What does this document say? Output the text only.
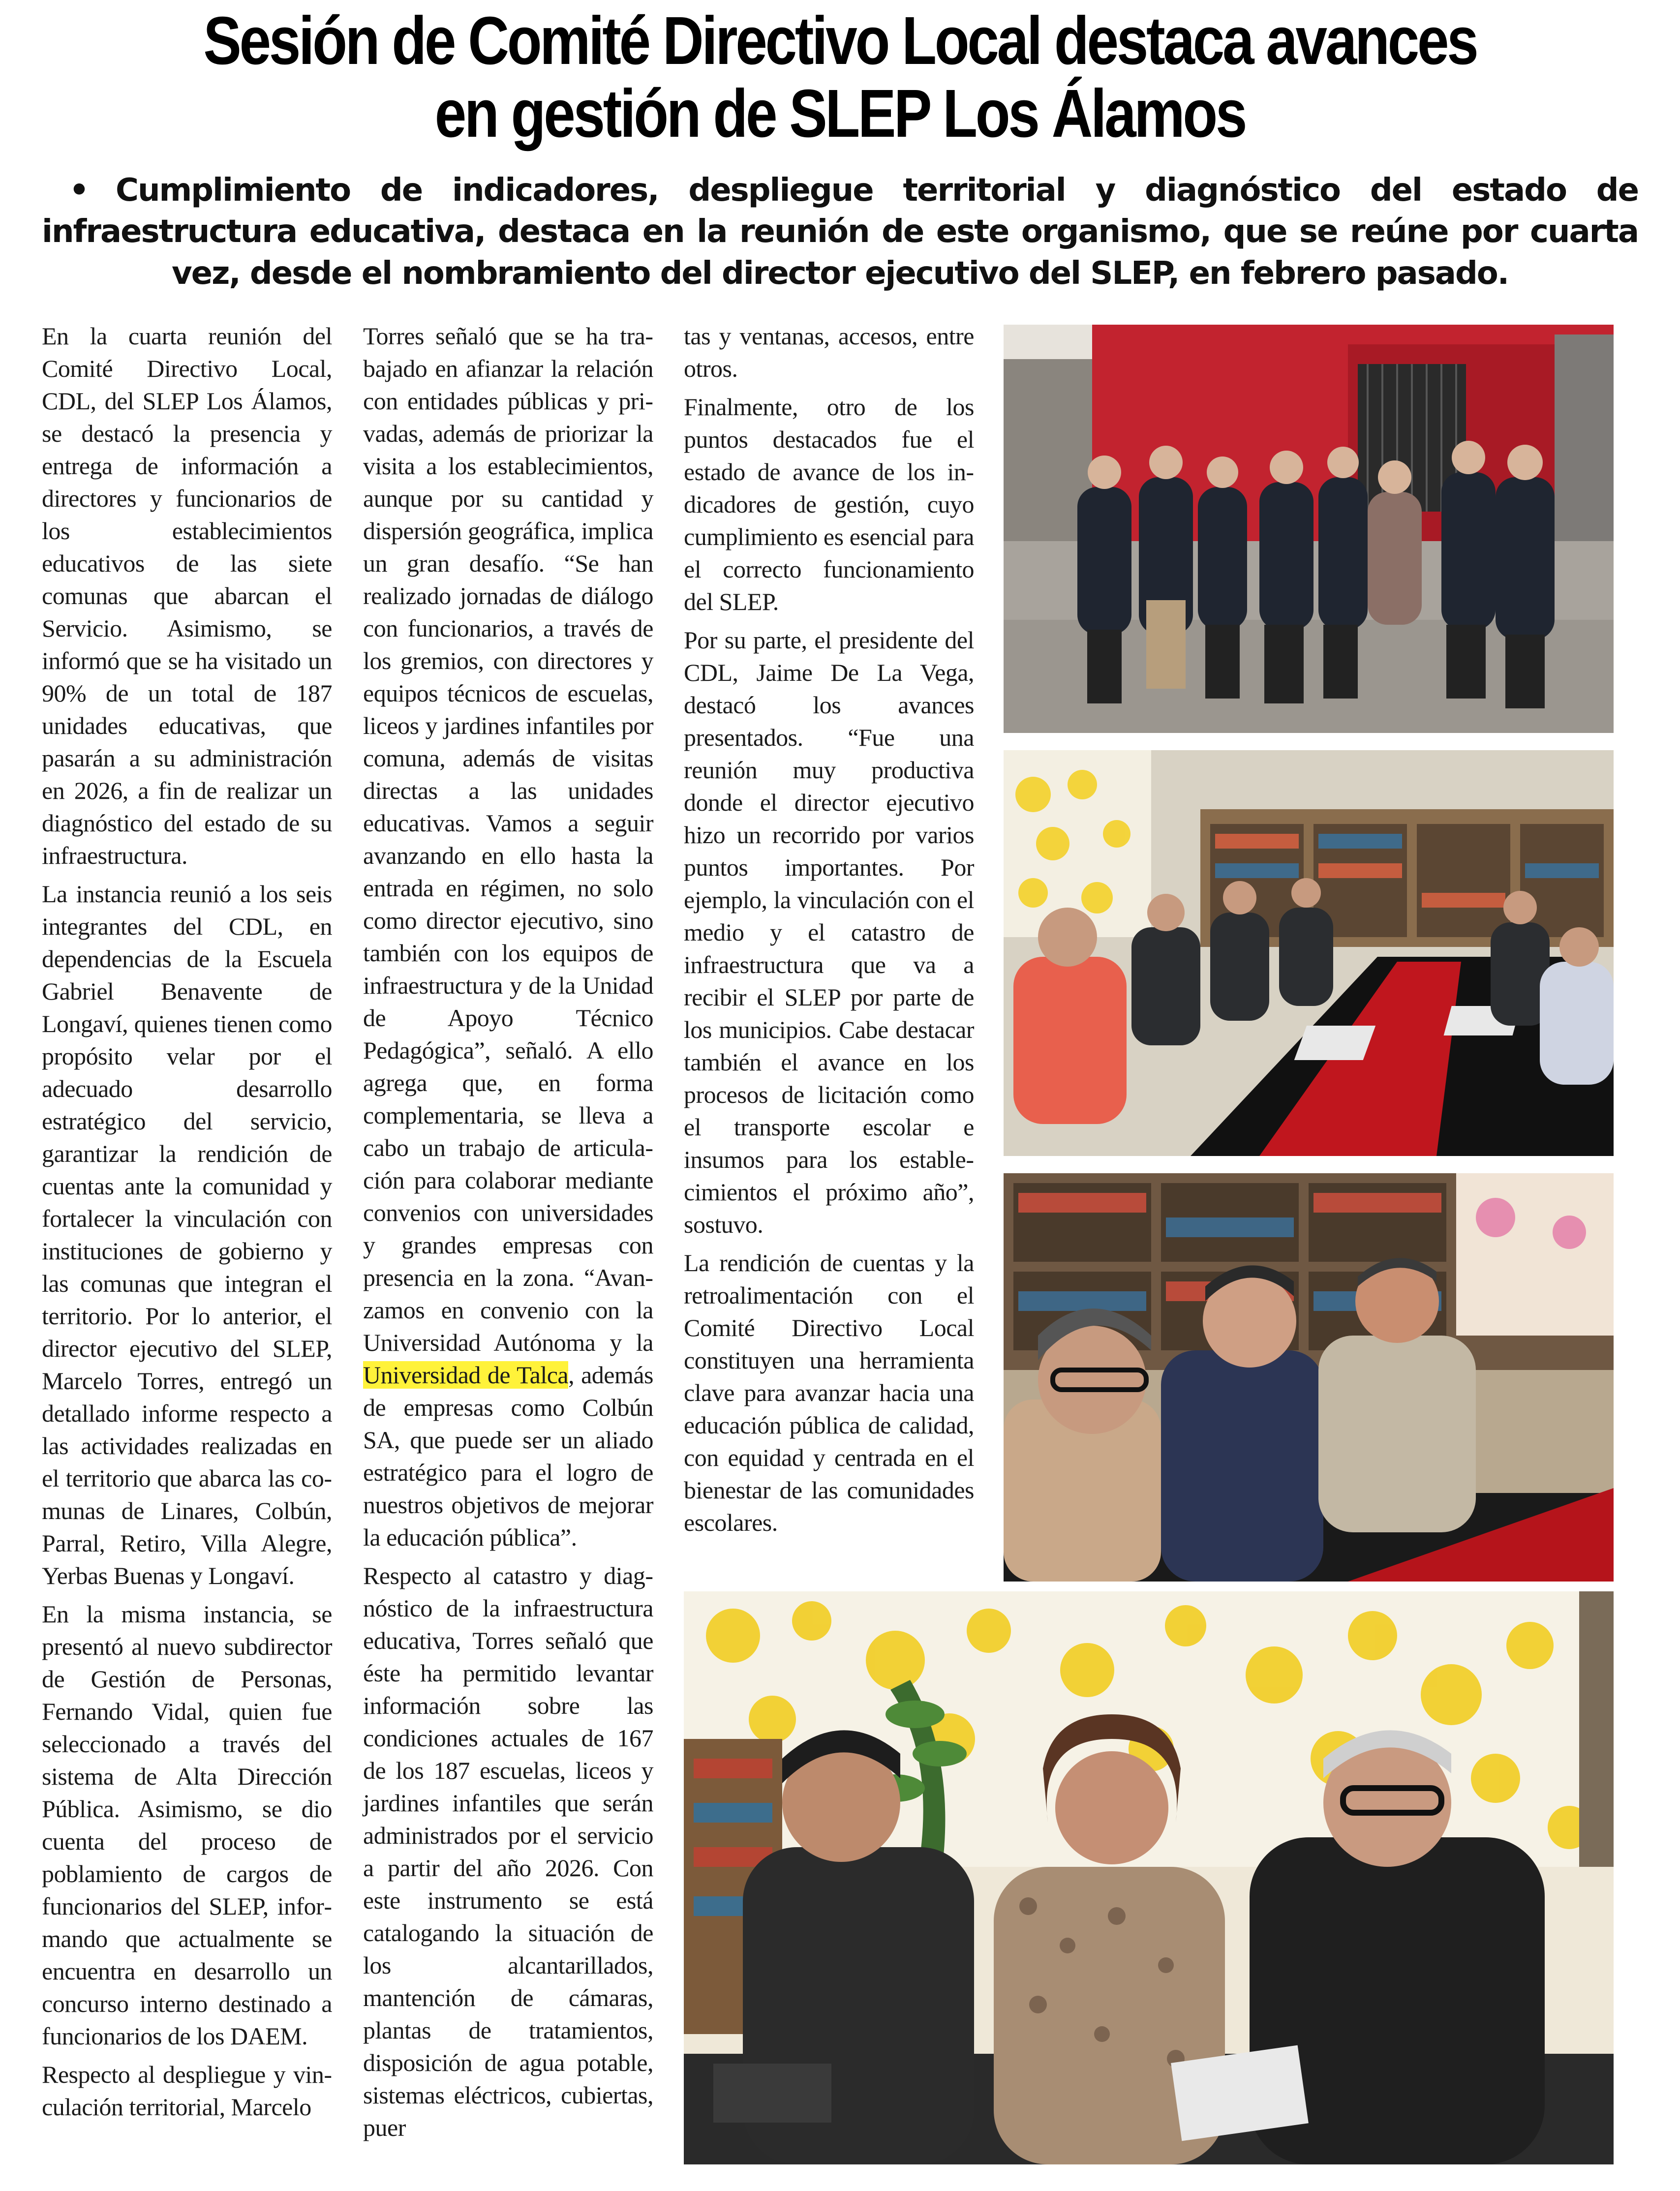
Sesión de Comité Directivo Local destaca avances en gestión de SLEP Los Álamos

• Cumplimiento de indicadores, despliegue territorial y diagnóstico del estado de infraestructura educativa, destaca en la reunión de este organismo, que se reúne por cuarta vez, desde el nombramiento del director ejecutivo del SLEP, en febrero pasado.

En la cuarta reunión del Comité Directivo Local, CDL, del SLEP Los Álamos, se destacó la presencia y entrega de información a directores y funcionarios de los establecimientos educativos de las siete comunas que abarcan el Servicio. Asimismo, se informó que se ha visitado un 90% de un total de 187 unidades educativas, que pasarán a su administración en 2026, a fin de realizar un diagnóstico del estado de su infraestructura.

La instancia reunió a los seis integrantes del CDL, en dependencias de la Escuela Gabriel Benavente de Longaví, quienes tienen como propósito velar por el adecuado desarrollo estratégico del servicio, garantizar la rendición de cuentas ante la comunidad y fortalecer la vinculación con instituciones de gobierno y las comunas que integran el territorio. Por lo anterior, el director ejecutivo del SLEP, Marcelo Torres, entregó un detallado informe respecto a las actividades realizadas en el territorio que abarca las comunas de Linares, Colbún, Parral, Retiro, Villa Alegre, Yerbas Buenas y Longaví.

En la misma instancia, se presentó al nuevo subdirector de Gestión de Personas, Fernando Vidal, quien fue seleccionado a través del sistema de Alta Dirección Pública. Asimismo, se dio cuenta del proceso de poblamiento de cargos de funcionarios del SLEP, informando que actualmente se encuentra en desarrollo un concurso interno destinado a funcionarios de los DAEM.

Respecto al despliegue y vinculación territorial, Marcelo

Torres señaló que se ha trabajado en afianzar la relación con entidades públicas y privadas, además de priorizar la visita a los establecimientos, aunque por su cantidad y dispersión geográfica, implica un gran desafío. “Se han realizado jornadas de diálogo con funcionarios, a través de los gremios, con directores y equipos técnicos de escuelas, liceos y jardines infantiles por comuna, además de visitas directas a las unidades educativas. Vamos a seguir avanzando en ello hasta la entrada en régimen, no solo como director ejecutivo, sino también con los equipos de infraestructura y de la Unidad de Apoyo Técnico Pedagógica”, señaló. A ello agrega que, en forma complementaria, se lleva a cabo un trabajo de articulación para colaborar mediante convenios con universidades y grandes empresas con presencia en la zona. “Avanzamos en convenio con la Universidad Autónoma y la Universidad de Talca, además de empresas como Colbún SA, que puede ser un aliado estratégico para el logro de nuestros objetivos de mejorar la educación pública”.

Respecto al catastro y diagnóstico de la infraestructura educativa, Torres señaló que éste ha permitido levantar información sobre las condiciones actuales de 167 de los 187 escuelas, liceos y jardines infantiles que serán administrados por el servicio a partir del año 2026. Con este instrumento se está catalogando la situación de los alcantarillados, mantención de cámaras, plantas de tratamientos, disposición de agua potable, sistemas eléctricos, cubiertas, puer

tas y ventanas, accesos, entre otros.

Finalmente, otro de los puntos destacados fue el estado de avance de los indicadores de gestión, cuyo cumplimiento es esencial para el correcto funcionamiento del SLEP.

Por su parte, el presidente del CDL, Jaime De La Vega, destacó los avances presentados. “Fue una reunión muy productiva donde el director ejecutivo hizo un recorrido por varios puntos importantes. Por ejemplo, la vinculación con el medio y el catastro de infraestructura que va a recibir el SLEP por parte de los municipios. Cabe destacar también el avance en los procesos de licitación como el transporte escolar e insumos para los establecimientos el próximo año”, sostuvo.

La rendición de cuentas y la retroalimentación con el Comité Directivo Local constituyen una herramienta clave para avanzar hacia una educación pública de calidad, con equidad y centrada en el bienestar de las comunidades escolares.
